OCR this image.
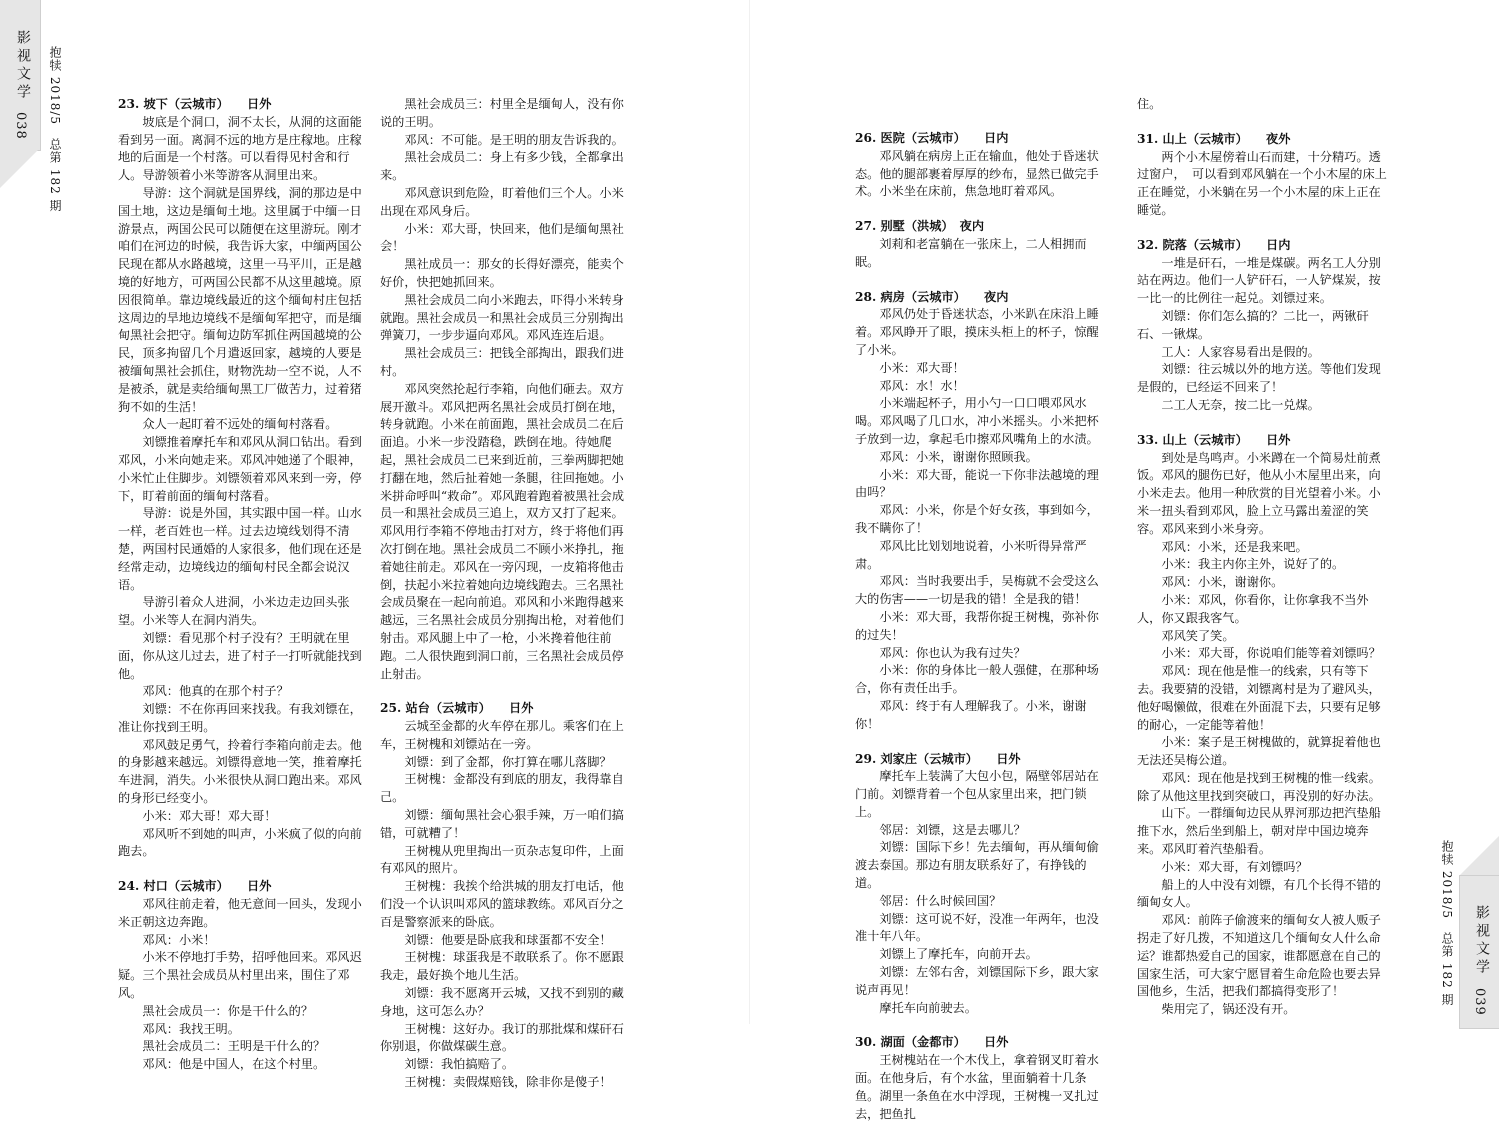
影视文学
038 抱犊 2018/5　总第 182 期
影视文学
039
抱犊 2018/5　总第 182 期

23. 坡下（云城市）　　日外

坡底是个洞口，洞不太长，从洞的这面能看到另一面。离洞不远的地方是庄稼地。庄稼地的后面是一个村落。可以看得见村舍和行人。导游领着小米等游客从洞里出来。

导游：这个洞就是国界线，洞的那边是中国土地，这边是缅甸土地。这里属于中缅一日游景点，两国公民可以随便在这里游玩。刚才咱们在河边的时候，我告诉大家，中缅两国公民现在都从水路越境，这里一马平川，正是越境的好地方，可两国公民都不从这里越境。原因很简单。靠边境线最近的这个缅甸村庄包括这周边的旱地边境线不是缅甸军把守，而是缅甸黑社会把守。缅甸边防军抓住两国越境的公民，顶多拘留几个月遣返回家，越境的人要是被缅甸黑社会抓住，财物洗劫一空不说，人不是被杀，就是卖给缅甸黑工厂做苦力，过着猪狗不如的生活！

众人一起盯着不远处的缅甸村落看。

刘镖推着摩托车和邓风从洞口钻出。看到邓风，小米向她走来。邓风冲她递了个眼神，小米忙止住脚步。刘镖领着邓风来到一旁，停下，盯着前面的缅甸村落看。

导游：说是外国，其实跟中国一样。山水一样，老百姓也一样。过去边境线划得不清楚，两国村民通婚的人家很多，他们现在还是经常走动，边境线边的缅甸村民全都会说汉语。

导游引着众人进洞，小米边走边回头张望。小米等人在洞内消失。

刘镖：看见那个村子没有？王明就在里面，你从这儿过去，进了村子一打听就能找到他。

邓风：他真的在那个村子？

刘镖：不在你再回来找我。有我刘镖在，准让你找到王明。

邓风鼓足勇气，拎着行李箱向前走去。他的身影越来越远。刘镖得意地一笑，推着摩托车进洞，消失。小米很快从洞口跑出来。邓风的身形已经变小。

小米：邓大哥！邓大哥！

邓风听不到她的叫声，小米疯了似的向前跑去。

24. 村口（云城市）　　日外

邓风往前走着，他无意间一回头，发现小米正朝这边奔跑。

邓风：小米！

小米不停地打手势，招呼他回来。邓风迟疑。三个黑社会成员从村里出来，围住了邓风。

黑社会成员一：你是干什么的？

邓风：我找王明。

黑社会成员二：王明是干什么的？

邓风：他是中国人，在这个村里。

黑社会成员三：村里全是缅甸人，没有你说的王明。

邓风：不可能。是王明的朋友告诉我的。

黑社会成员二：身上有多少钱，全都拿出来。

邓风意识到危险，盯着他们三个人。小米出现在邓风身后。

小米：邓大哥，快回来，他们是缅甸黑社会！

黑社成员一：那女的长得好漂亮，能卖个好价，快把她抓回来。

黑社会成员二向小米跑去，吓得小米转身就跑。黑社会成员一和黑社会成员三分别掏出弹簧刀，一步步逼向邓风。邓风连连后退。

黑社会成员三：把钱全部掏出，跟我们进村。

邓风突然抡起行李箱，向他们砸去。双方展开激斗。邓风把两名黑社会成员打倒在地，转身就跑。小米在前面跑，黑社会成员二在后面追。小米一步没踏稳，跌倒在地。待她爬起，黑社会成员二已来到近前，三拳两脚把她打翻在地，然后扯着她一条腿，往回拖她。小米拼命呼叫“救命”。邓风跑着跑着被黑社会成员一和黑社会成员三追上，双方又打了起来。邓风用行李箱不停地击打对方，终于将他们再次打倒在地。黑社会成员二不顾小米挣扎，拖着她往前走。邓风在一旁闪现，一皮箱将他击倒，扶起小米拉着她向边境线跑去。三名黑社会成员聚在一起向前追。邓风和小米跑得越来越远，三名黑社会成员分别掏出枪，对着他们射击。邓风腿上中了一枪，小米搀着他往前跑。二人很快跑到洞口前，三名黑社会成员停止射击。

25. 站台（云城市）　　日外

云城至金都的火车停在那儿。乘客们在上车，王树槐和刘镖站在一旁。

刘镖：到了金都，你打算在哪儿落脚？

王树槐：金都没有到底的朋友，我得靠自己。

刘镖：缅甸黑社会心狠手辣，万一咱们搞错，可就糟了！

王树槐从兜里掏出一页杂志复印件，上面有邓风的照片。

王树槐：我挨个给洪城的朋友打电话，他们没一个认识叫邓风的篮球教练。邓风百分之百是警察派来的卧底。

刘镖：他要是卧底我和球蛋都不安全！

王树槐：球蛋我是不敢联系了。你不愿跟我走，最好换个地儿生活。

刘镖：我不愿离开云城，又找不到别的藏身地，这可怎么办？

王树槐：这好办。我订的那批煤和煤矸石你别退，你做煤碳生意。

刘镖：我怕搞赔了。

王树槐：卖假煤赔钱，除非你是傻子！

26. 医院（云城市）　　日内

邓风躺在病房上正在输血，他处于昏迷状态。他的腿部裹着厚厚的纱布，显然已做完手术。小米坐在床前，焦急地盯着邓风。

27. 别墅（洪城）　夜内

刘莉和老富躺在一张床上，二人相拥而眠。

28. 病房（云城市）　　夜内

邓风仍处于昏迷状态，小米趴在床沿上睡着。邓风睁开了眼，摸床头柜上的杯子，惊醒了小米。

小米：邓大哥！

邓风：水！水！

小米端起杯子，用小勺一口口喂邓风水喝。邓风喝了几口水，冲小米摇头。小米把杯子放到一边，拿起毛巾擦邓风嘴角上的水渍。

邓风：小米，谢谢你照顾我。

小米：邓大哥，能说一下你非法越境的理由吗？

邓风：小米，你是个好女孩，事到如今，我不瞒你了！

邓风比比划划地说着，小米听得异常严肃。

邓风：当时我要出手，吴梅就不会受这么大的伤害——一切是我的错！全是我的错！

小米：邓大哥，我帮你捉王树槐，弥补你的过失！

邓风：你也认为我有过失？

小米：你的身体比一般人强健，在那种场合，你有责任出手。

邓风：终于有人理解我了。小米，谢谢你！

29. 刘家庄（云城市）　　日外

摩托车上装满了大包小包，隔壁邻居站在门前。刘镖背着一个包从家里出来，把门锁上。

邻居：刘镖，这是去哪儿？

刘镖：国际下乡！先去缅甸，再从缅甸偷渡去泰国。那边有朋友联系好了，有挣钱的道。

邻居：什么时候回国？

刘镖：这可说不好，没准一年两年，也没准十年八年。

刘镖上了摩托车，向前开去。

刘镖：左邻右舍，刘镖国际下乡，跟大家说声再见！

摩托车向前驶去。

30. 湖面（金都市）　　日外

王树槐站在一个木伐上，拿着钢叉盯着水面。在他身后，有个水盆，里面躺着十几条鱼。湖里一条鱼在水中浮现，王树槐一叉扎过去，把鱼扎

住。

31. 山上（云城市）　　夜外

两个小木屋傍着山石而建，十分精巧。透过窗户，　可以看到邓风躺在一个小木屋的床上正在睡觉，小米躺在另一个小木屋的床上正在睡觉。

32. 院落（云城市）　　日内

一堆是矸石，一堆是煤碳。两名工人分别站在两边。他们一人铲矸石，一人铲煤炭，按一比一的比例往一起兑。刘镖过来。

刘镖：你们怎么搞的？二比一，两锹矸石、一锹煤。

工人：人家容易看出是假的。

刘镖：往云城以外的地方送。等他们发现是假的，已经运不回来了！

二工人无奈，按二比一兑煤。

33. 山上（云城市）　　日外

到处是鸟鸣声。小米蹲在一个简易灶前煮饭。邓风的腿伤已好，他从小木屋里出来，向小米走去。他用一种欣赏的目光望着小米。小米一扭头看到邓风，脸上立马露出羞涩的笑容。邓风来到小米身旁。

邓风：小米，还是我来吧。

小米：我主内你主外，说好了的。

邓风：小米，谢谢你。

小米：邓风，你看你，让你拿我不当外人，你又跟我客气。

邓风笑了笑。

小米：邓大哥，你说咱们能等着刘镖吗？

邓风：现在他是惟一的线索，只有等下去。我要猜的没错，刘镖离村是为了避风头，他好喝懒做，很难在外面混下去，只要有足够的耐心，一定能等着他！

小米：案子是王树槐做的，就算捉着他也无法还吴梅公道。

邓风：现在他是找到王树槐的惟一线索。除了从他这里找到突破口，再没别的好办法。

山下。一群缅甸边民从界河那边把汽垫船推下水，然后坐到船上，朝对岸中国边境奔来。邓风盯着汽垫船看。

小米：邓大哥，有刘镖吗？

船上的人中没有刘镖，有几个长得不错的缅甸女人。

邓风：前阵子偷渡来的缅甸女人被人贩子拐走了好几拨，不知道这几个缅甸女人什么命运？谁都热爱自己的国家，谁都愿意在自己的国家生活，可大家宁愿冒着生命危险也要去异国他乡，生活，把我们都搞得变形了！

柴用完了，锅还没有开。
